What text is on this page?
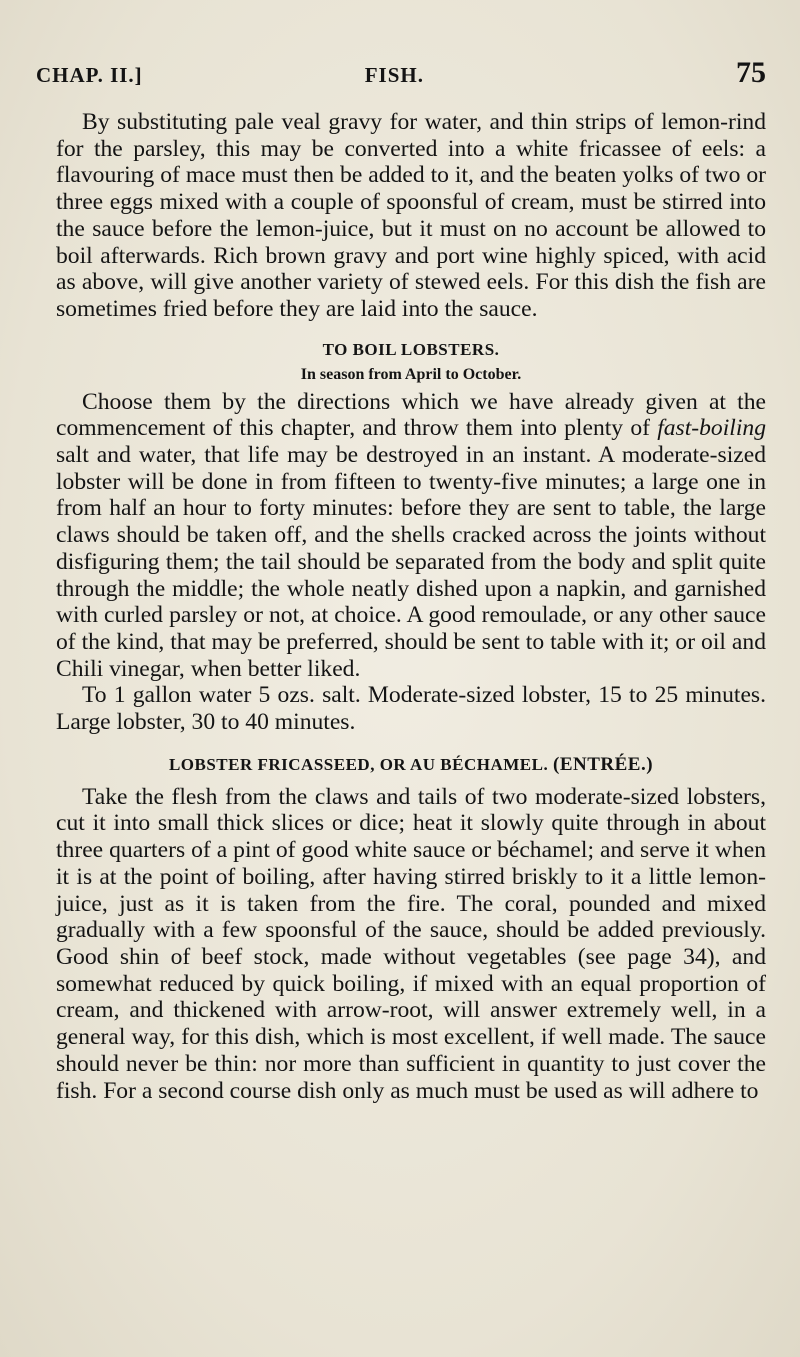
CHAP. II.]	FISH.	75

By substituting pale veal gravy for water, and thin strips of lemon-rind for the parsley, this may be converted into a white fricassee of eels: a flavouring of mace must then be added to it, and the beaten yolks of two or three eggs mixed with a couple of spoonsful of cream, must be stirred into the sauce before the lemon-juice, but it must on no account be allowed to boil afterwards. Rich brown gravy and port wine highly spiced, with acid as above, will give another variety of stewed eels. For this dish the fish are sometimes fried before they are laid into the sauce.

TO BOIL LOBSTERS.
In season from April to October.

Choose them by the directions which we have already given at the commencement of this chapter, and throw them into plenty of fast-boiling salt and water, that life may be destroyed in an instant. A moderate-sized lobster will be done in from fifteen to twenty-five minutes; a large one in from half an hour to forty minutes: before they are sent to table, the large claws should be taken off, and the shells cracked across the joints without disfiguring them; the tail should be separated from the body and split quite through the middle; the whole neatly dished upon a napkin, and garnished with curled parsley or not, at choice. A good remoulade, or any other sauce of the kind, that may be preferred, should be sent to table with it; or oil and Chili vinegar, when better liked.

To 1 gallon water 5 ozs. salt. Moderate-sized lobster, 15 to 25 minutes. Large lobster, 30 to 40 minutes.

LOBSTER FRICASSEED, OR AU BÉCHAMEL. (ENTRÉE.)

Take the flesh from the claws and tails of two moderate-sized lobsters, cut it into small thick slices or dice; heat it slowly quite through in about three quarters of a pint of good white sauce or béchamel; and serve it when it is at the point of boiling, after having stirred briskly to it a little lemon-juice, just as it is taken from the fire. The coral, pounded and mixed gradually with a few spoonsful of the sauce, should be added previously. Good shin of beef stock, made without vegetables (see page 34), and somewhat reduced by quick boiling, if mixed with an equal proportion of cream, and thickened with arrow-root, will answer extremely well, in a general way, for this dish, which is most excellent, if well made. The sauce should never be thin: nor more than sufficient in quantity to just cover the fish. For a second course dish only as much must be used as will adhere to
